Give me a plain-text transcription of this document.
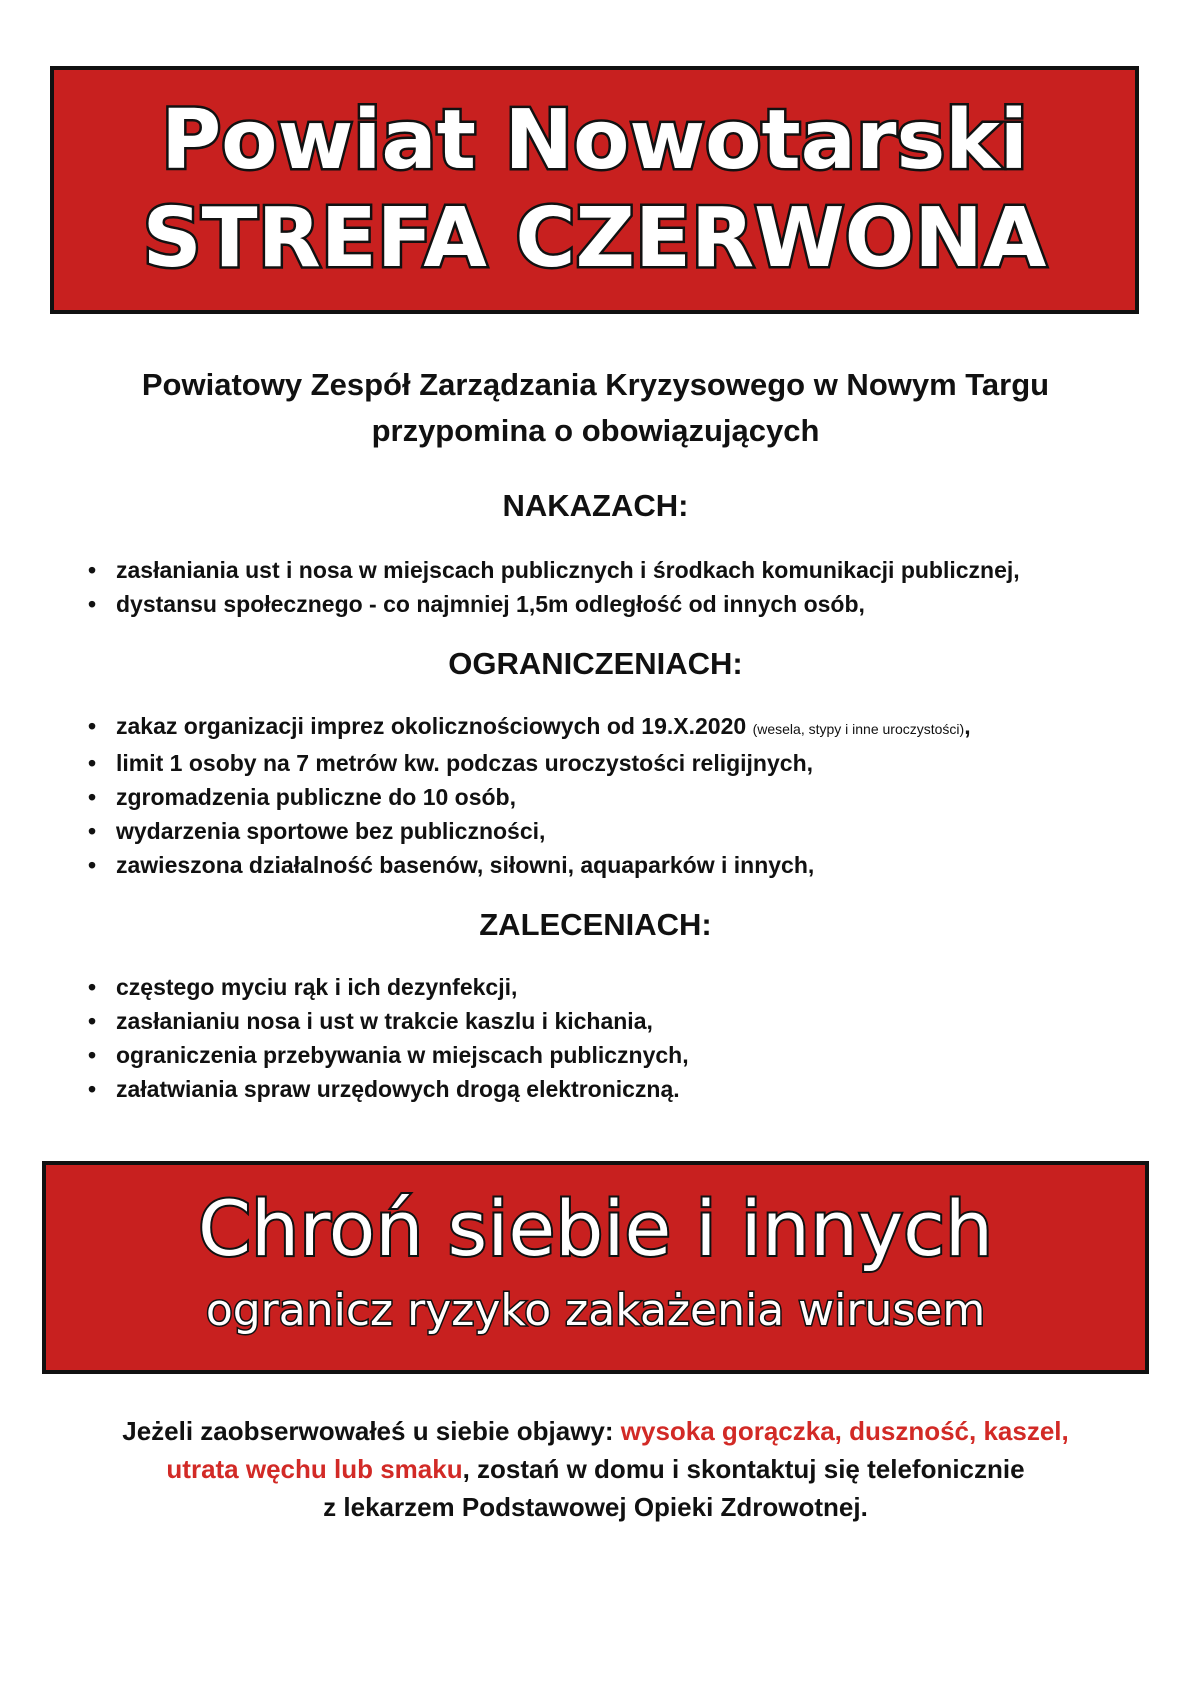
Powiat Nowotarski

STREFA CZERWONA

Powiatowy Zespół Zarządzania Kryzysowego w Nowym Targu
przypomina o obowiązujących
NAKAZACH:
• zasłaniania ust i nosa w miejscach publicznych i środkach komunikacji publicznej,
• dystansu społecznego - co najmniej 1,5m odległość od innych osób,
OGRANICZENIACH:
• zakaz organizacji imprez okolicznościowych od 19.X.2020 (wesela, stypy i inne uroczystości),
• limit 1 osoby na 7 metrów kw. podczas uroczystości religijnych,
• zgromadzenia publiczne do 10 osób,
• wydarzenia sportowe bez publiczności,
• zawieszona działalność basenów, siłowni, aquaparków i innych,
ZALECENIACH:
• częstego myciu rąk i ich dezynfekcji,
• zasłanianiu nosa i ust w trakcie kaszlu i kichania,
• ograniczenia przebywania w miejscach publicznych,
• załatwiania spraw urzędowych drogą elektroniczną.

Chroń siebie i innych

ogranicz ryzyko zakażenia wirusem

Jeżeli zaobserwowałeś u siebie objawy: wysoka gorączka, duszność, kaszel,
utrata węchu lub smaku, zostań w domu i skontaktuj się telefonicznie
z lekarzem Podstawowej Opieki Zdrowotnej.
